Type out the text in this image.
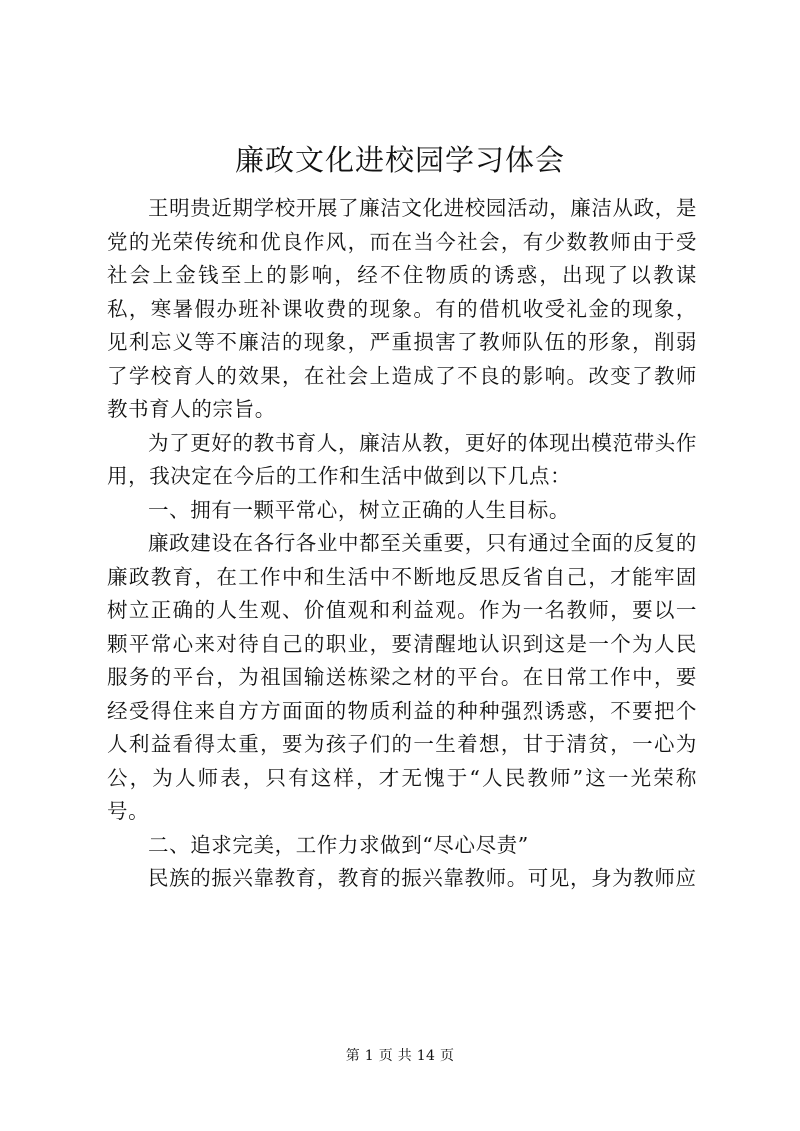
廉政文化进校园学习体会

王明贵近期学校开展了廉洁文化进校园活动，廉洁从政，是党的光荣传统和优良作风，而在当今社会，有少数教师由于受社会上金钱至上的影响，经不住物质的诱惑，出现了以教谋私，寒暑假办班补课收费的现象。有的借机收受礼金的现象，见利忘义等不廉洁的现象，严重损害了教师队伍的形象，削弱了学校育人的效果，在社会上造成了不良的影响。改变了教师教书育人的宗旨。

为了更好的教书育人，廉洁从教，更好的体现出模范带头作用，我决定在今后的工作和生活中做到以下几点：

一、拥有一颗平常心，树立正确的人生目标。

廉政建设在各行各业中都至关重要，只有通过全面的反复的廉政教育，在工作中和生活中不断地反思反省自己，才能牢固树立正确的人生观、价值观和利益观。作为一名教师，要以一颗平常心来对待自己的职业，要清醒地认识到这是一个为人民服务的平台，为祖国输送栋梁之材的平台。在日常工作中，要经受得住来自方方面面的物质利益的种种强烈诱惑，不要把个人利益看得太重，要为孩子们的一生着想，甘于清贫，一心为公，为人师表，只有这样，才无愧于“人民教师”这一光荣称号。

二、追求完美，工作力求做到“尽心尽责”

民族的振兴靠教育，教育的振兴靠教师。可见，身为教师应

第 1 页 共 14 页
